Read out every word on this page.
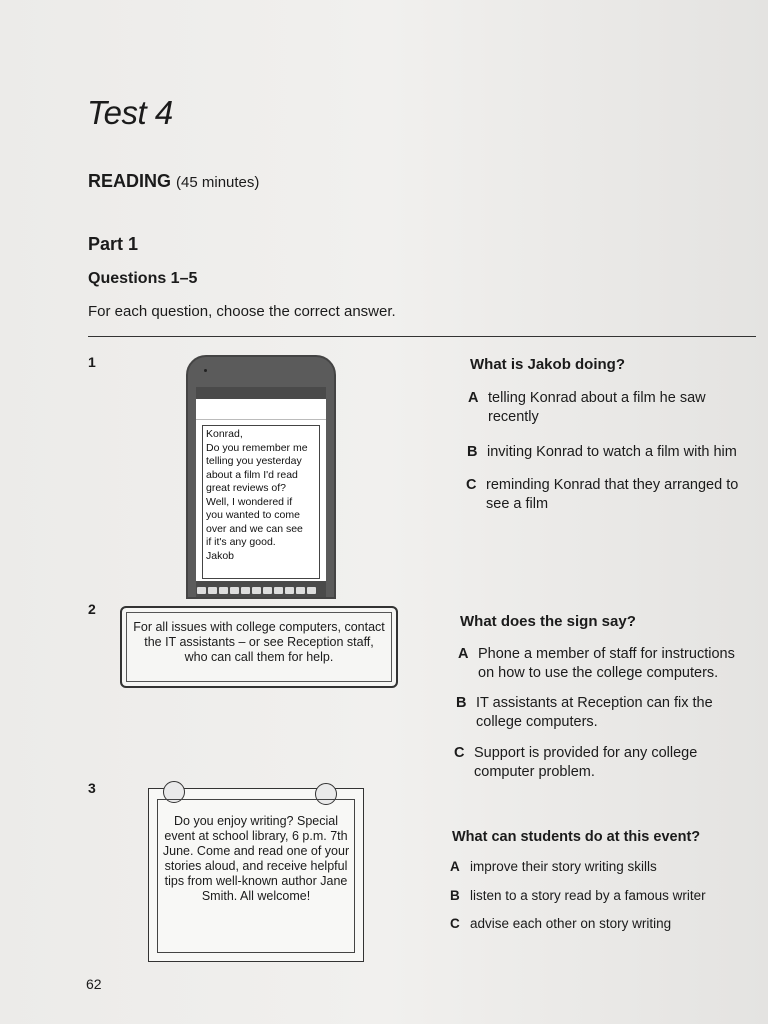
Test 4
READING (45 minutes)
Part 1
Questions 1–5
For each question, choose the correct answer.
1
Konrad,
Do you remember me
telling you yesterday
about a film I'd read
great reviews of?
Well, I wondered if
you wanted to come
over and we can see
if it's any good.
Jakob
What is Jakob doing?
A telling Konrad about a film he saw recently
B inviting Konrad to watch a film with him
C reminding Konrad that they arranged to see a film
2
For all issues with college computers, contact the IT assistants – or see Reception staff, who can call them for help.
What does the sign say?
A Phone a member of staff for instructions on how to use the college computers.
B IT assistants at Reception can fix the college computers.
C Support is provided for any college computer problem.
3
Do you enjoy writing? Special event at school library, 6 p.m. 7th June. Come and read one of your stories aloud, and receive helpful tips from well-known author Jane Smith. All welcome!
What can students do at this event?
A improve their story writing skills
B listen to a story read by a famous writer
C advise each other on story writing
62
